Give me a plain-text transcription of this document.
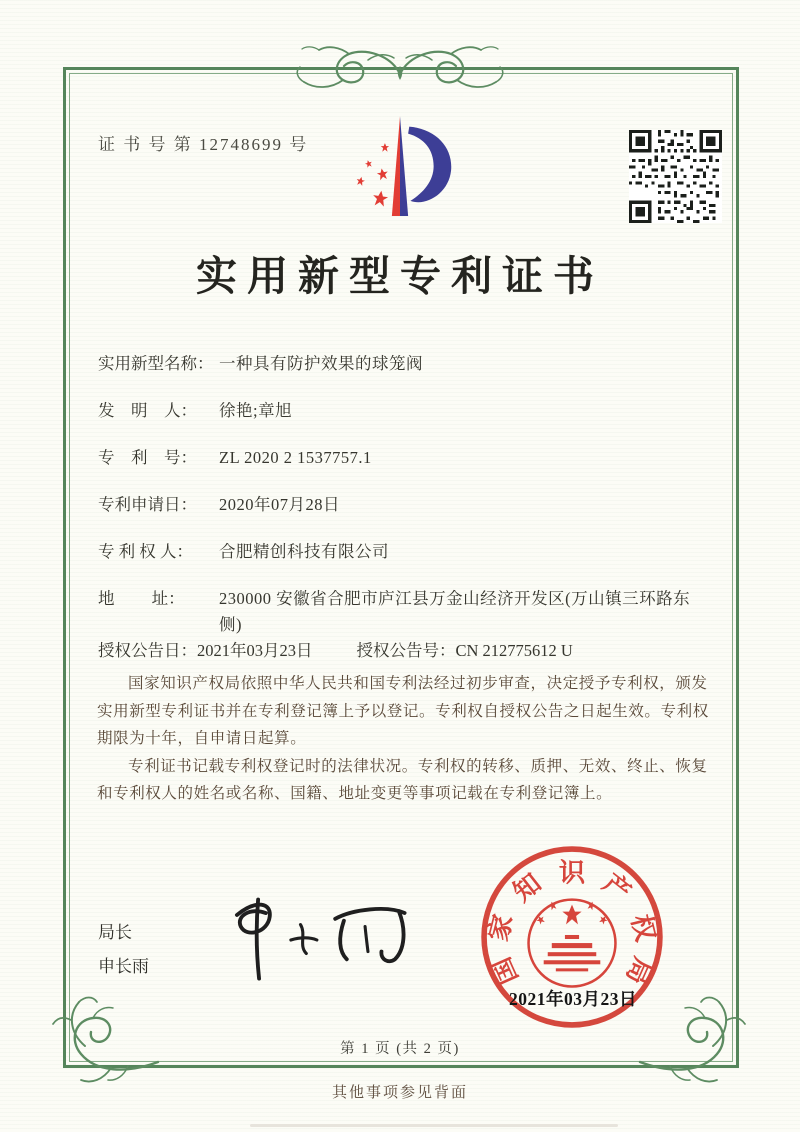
证 书 号 第 12748699 号
实用新型专利证书
实用新型名称： 一种具有防护效果的球笼阀
发　明　人：	徐艳;章旭
专　利　号：	ZL 2020 2 1537757.1
专利申请日：	2020年07月28日
专 利 权 人：	合肥精创科技有限公司
地　　 址：	230000 安徽省合肥市庐江县万金山经济开发区(万山镇三环路东侧)
授权公告日： 2021年03月23日	授权公告号： CN 212775612 U

国家知识产权局依照中华人民共和国专利法经过初步审查，决定授予专利权，颁发实用新型专利证书并在专利登记簿上予以登记。专利权自授权公告之日起生效。专利权期限为十年，自申请日起算。

专利证书记载专利权登记时的法律状况。专利权的转移、质押、无效、终止、恢复和专利权人的姓名或名称、国籍、地址变更等事项记载在专利登记簿上。

局长
申长雨	国
家
知 识 产
权
局
2021年03月23日
第 1 页 (共 2 页)
其他事项参见背面
